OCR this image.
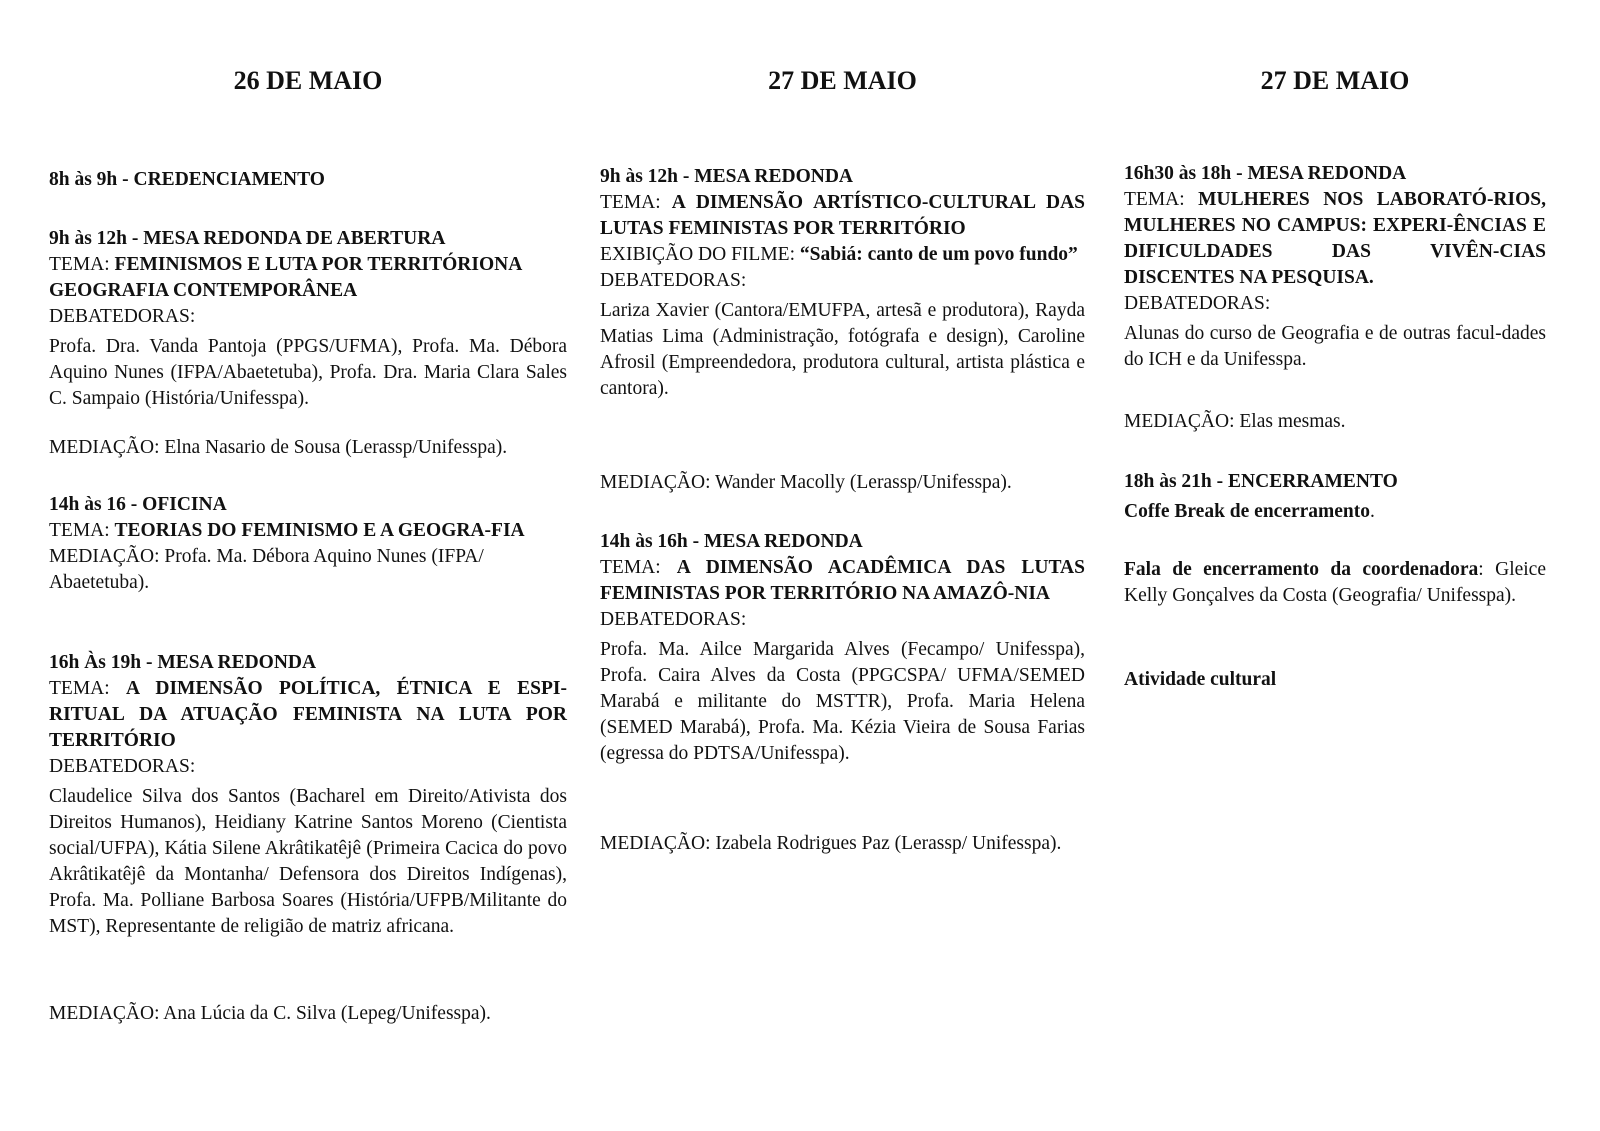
26 DE MAIO

8h às 9h - CREDENCIAMENTO

9h às 12h - MESA REDONDA DE ABERTURA

TEMA: FEMINISMOS E LUTA POR TERRITÓRIONA GEOGRAFIA CONTEMPORÂNEA

DEBATEDORAS:

Profa. Dra. Vanda Pantoja (PPGS/UFMA), Profa. Ma. Débora Aquino Nunes (IFPA/Abaetetuba), Profa. Dra. Maria Clara Sales C. Sampaio (História/Unifesspa).

MEDIAÇÃO: Elna Nasario de Sousa (Lerassp/Unifesspa).

14h às 16 - OFICINA

TEMA: TEORIAS DO FEMINISMO E A GEOGRA-FIA

MEDIAÇÃO: Profa. Ma. Débora Aquino Nunes (IFPA/ Abaetetuba).

16h Às 19h - MESA REDONDA

TEMA: A DIMENSÃO POLÍTICA, ÉTNICA E ESPI-RITUAL DA ATUAÇÃO FEMINISTA NA LUTA POR TERRITÓRIO

DEBATEDORAS:

Claudelice Silva dos Santos (Bacharel em Direito/Ativista dos Direitos Humanos), Heidiany Katrine Santos Moreno (Cientista social/UFPA), Kátia Silene Akrâtikatêjê (Primeira Cacica do povo Akrâtikatêjê da Montanha/ Defensora dos Direitos Indígenas), Profa. Ma. Polliane Barbosa Soares (História/UFPB/Militante do MST), Representante de religião de matriz africana.

MEDIAÇÃO: Ana Lúcia da C. Silva (Lepeg/Unifesspa).

27 DE MAIO

9h às 12h - MESA REDONDA

TEMA: A DIMENSÃO ARTÍSTICO-CULTURAL DAS LUTAS FEMINISTAS POR TERRITÓRIO

EXIBIÇÃO DO FILME: “Sabiá: canto de um povo fundo”

DEBATEDORAS:

Lariza Xavier (Cantora/EMUFPA, artesã e produtora), Rayda Matias Lima (Administração, fotógrafa e design), Caroline Afrosil (Empreendedora, produtora cultural, artista plástica e cantora).

MEDIAÇÃO: Wander Macolly (Lerassp/Unifesspa).

14h às 16h - MESA REDONDA

TEMA: A DIMENSÃO ACADÊMICA DAS LUTAS FEMINISTAS POR TERRITÓRIO NA AMAZÔ-NIA

DEBATEDORAS:

Profa. Ma. Ailce Margarida Alves (Fecampo/ Unifesspa), Profa. Caira Alves da Costa (PPGCSPA/ UFMA/SEMED Marabá e militante do MSTTR), Profa. Maria Helena (SEMED Marabá), Profa. Ma. Kézia Vieira de Sousa Farias (egressa do PDTSA/Unifesspa).

MEDIAÇÃO: Izabela Rodrigues Paz (Lerassp/ Unifesspa).

27 DE MAIO

16h30 às 18h - MESA REDONDA

TEMA: MULHERES NOS LABORATÓ-RIOS, MULHERES NO CAMPUS: EXPERI-ÊNCIAS E DIFICULDADES DAS VIVÊN-CIAS DISCENTES NA PESQUISA.

DEBATEDORAS:

Alunas do curso de Geografia e de outras facul-dades do ICH e da Unifesspa.

MEDIAÇÃO: Elas mesmas.

18h às 21h - ENCERRAMENTO

Coffe Break de encerramento.

Fala de encerramento da coordenadora: Gleice Kelly Gonçalves da Costa (Geografia/ Unifesspa).

Atividade cultural
